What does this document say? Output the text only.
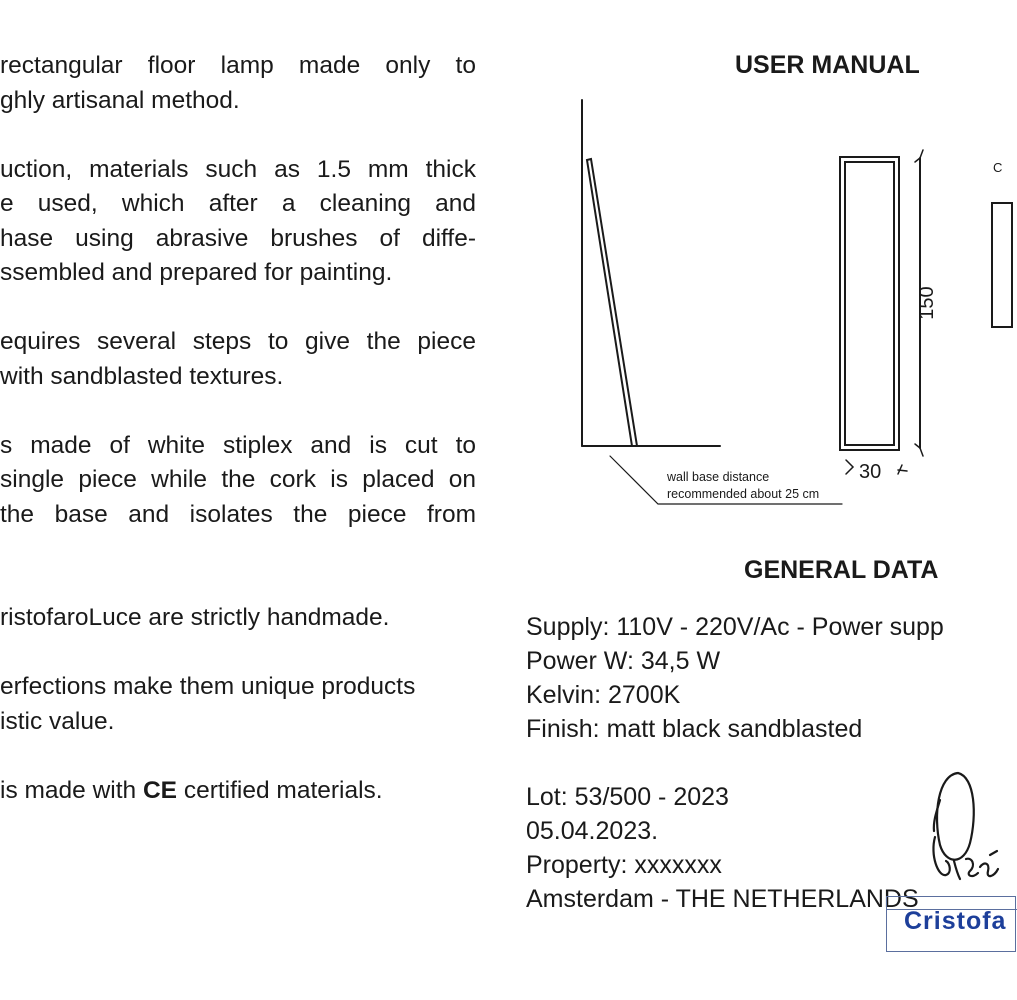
rectangular floor lamp made only to
ghly artisanal method.
uction, materials such as 1.5 mm thick
e used, which after a cleaning and
hase using abrasive brushes of diffe-
ssembled and prepared for painting.
equires several steps to give the piece
with sandblasted textures.
s made of white stiplex and is cut to
single piece while the cork is placed on
the base and isolates the piece from
ristofaroLuce are strictly handmade.
erfections make them unique products
istic value.
is made with CE certified materials.
USER MANUAL
150
30
wall base distance
recommended about 25 cm
C
GENERAL DATA
Supply: 110V - 220V/Ac - Power supp
Power W: 34,5 W
Kelvin: 2700K
Finish: matt black sandblasted
Lot: 53/500 - 2023
05.04.2023.
Property: xxxxxxx
Amsterdam - THE NETHERLANDS
Cristofa
